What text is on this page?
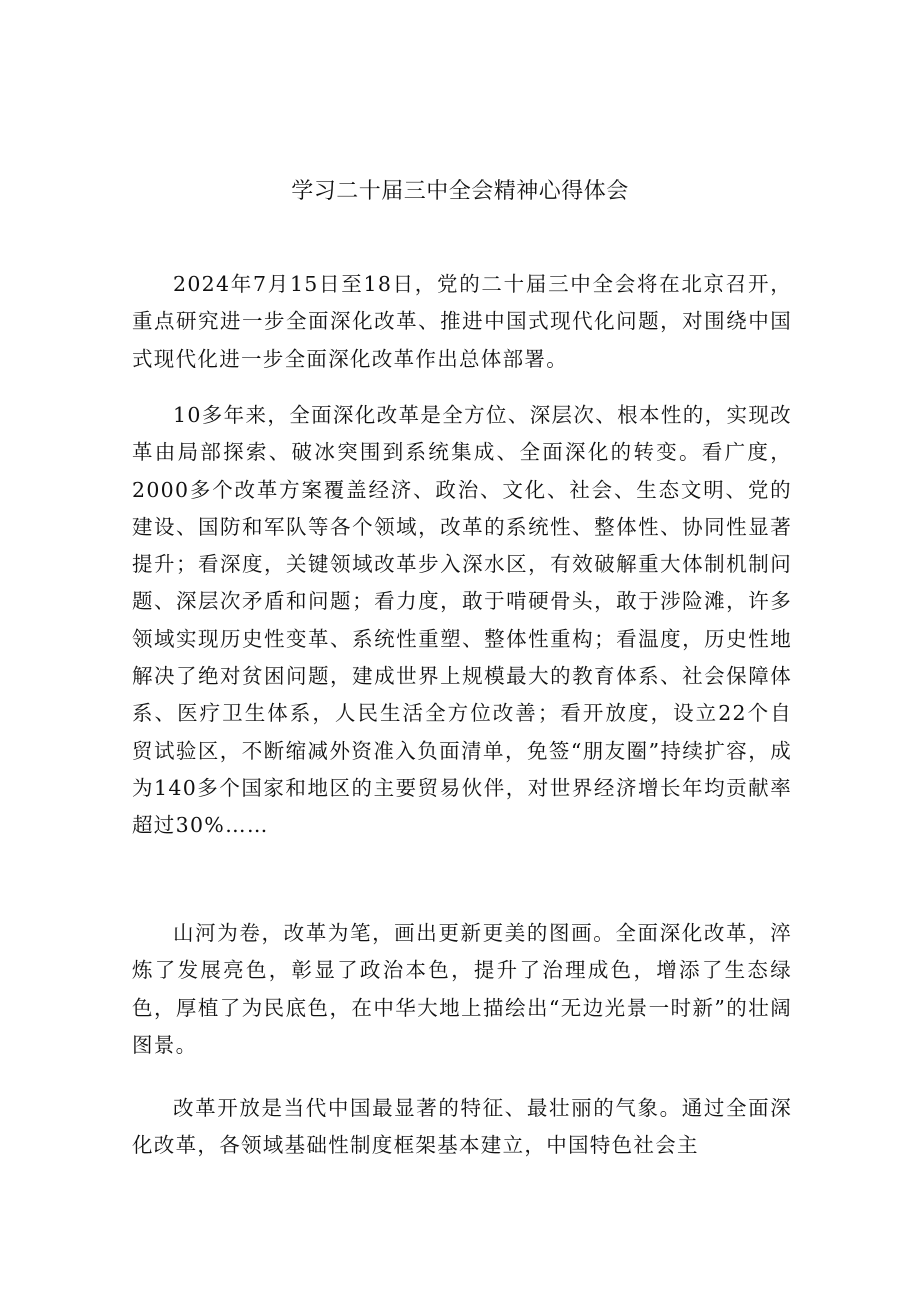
学习二十届三中全会精神心得体会

2024年7月15日至18日，党的二十届三中全会将在北京召开，重点研究进一步全面深化改革、推进中国式现代化问题，对围绕中国式现代化进一步全面深化改革作出总体部署。

10多年来，全面深化改革是全方位、深层次、根本性的，实现改革由局部探索、破冰突围到系统集成、全面深化的转变。看广度，2000多个改革方案覆盖经济、政治、文化、社会、生态文明、党的建设、国防和军队等各个领域，改革的系统性、整体性、协同性显著提升；看深度，关键领域改革步入深水区，有效破解重大体制机制问题、深层次矛盾和问题；看力度，敢于啃硬骨头，敢于涉险滩，许多领域实现历史性变革、系统性重塑、整体性重构；看温度，历史性地解决了绝对贫困问题，建成世界上规模最大的教育体系、社会保障体系、医疗卫生体系，人民生活全方位改善；看开放度，设立22个自贸试验区，不断缩减外资准入负面清单，免签“朋友圈”持续扩容，成为140多个国家和地区的主要贸易伙伴，对世界经济增长年均贡献率超过30%……

山河为卷，改革为笔，画出更新更美的图画。全面深化改革，淬炼了发展亮色，彰显了政治本色，提升了治理成色，增添了生态绿色，厚植了为民底色，在中华大地上描绘出“无边光景一时新”的壮阔图景。

改革开放是当代中国最显著的特征、最壮丽的气象。通过全面深化改革，各领域基础性制度框架基本建立，中国特色社会主
